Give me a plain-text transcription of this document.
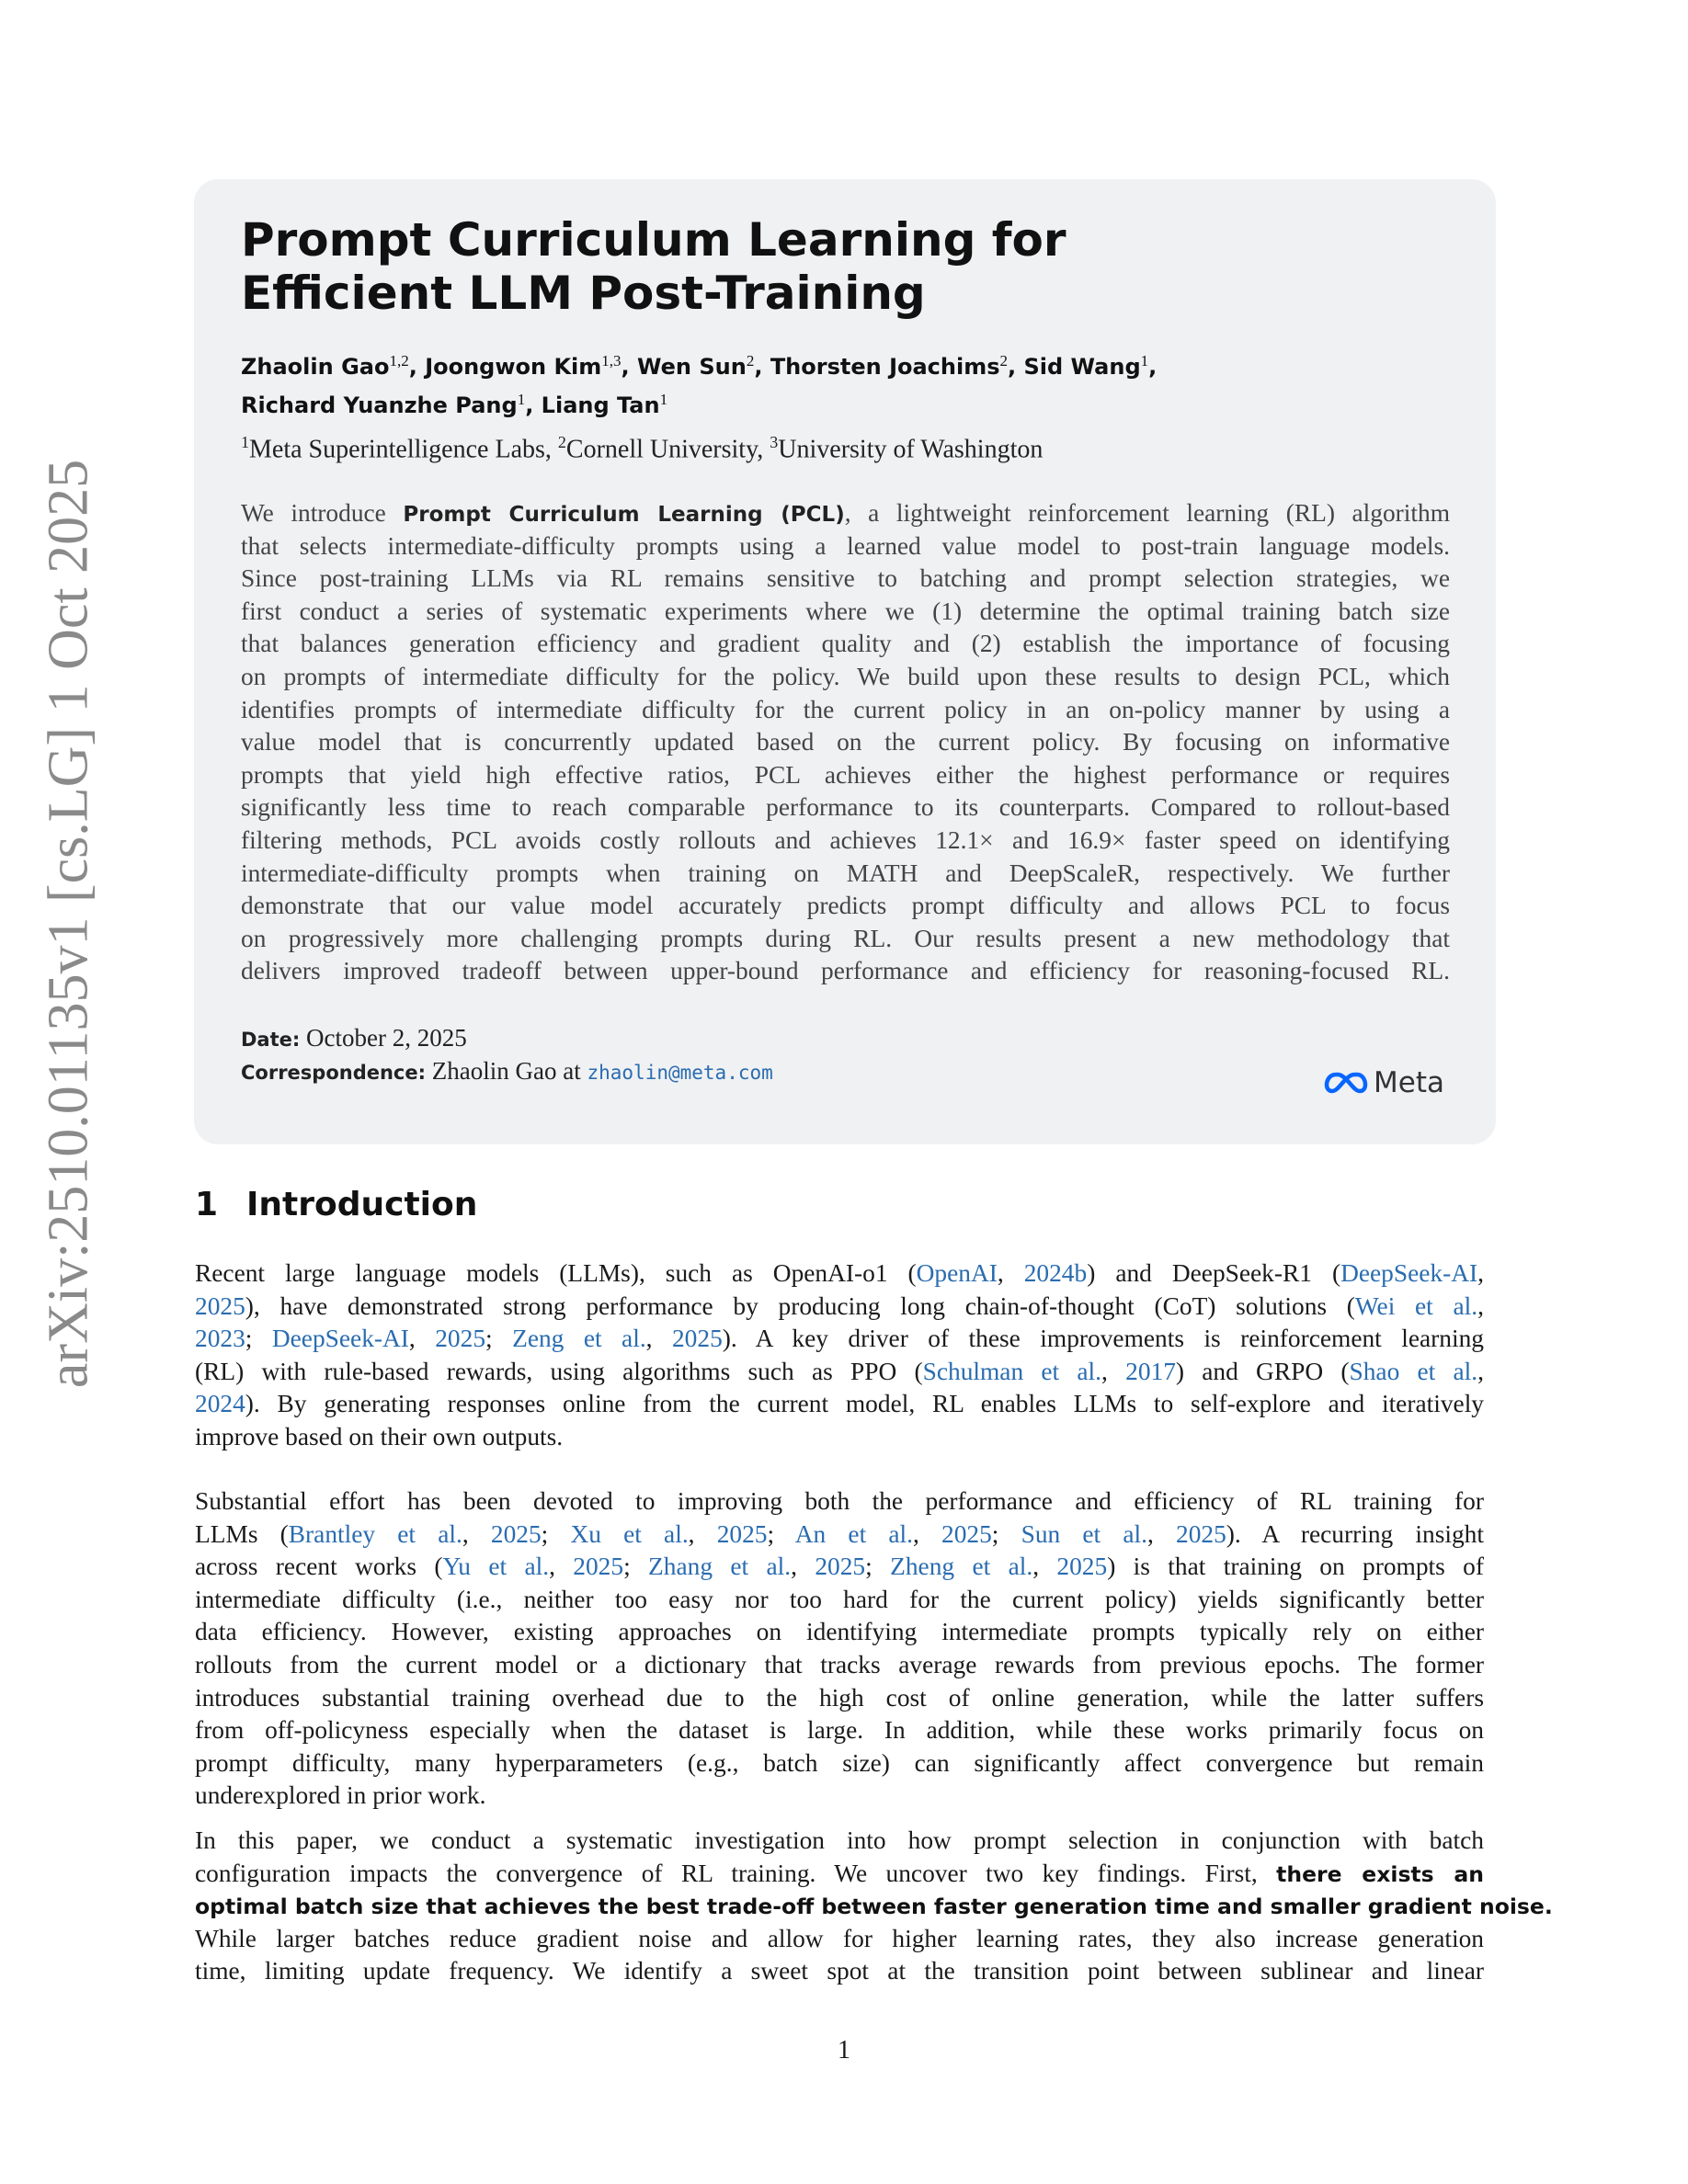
arXiv:2510.01135v1 [cs.LG] 1 Oct 2025
Prompt Curriculum Learning for
Efficient LLM Post-Training
Zhaolin Gao$^{1,2}$, Joongwon Kim$^{1,3}$, Wen Sun$^2$, Thorsten Joachims$^2$, Sid Wang$^1$,
Richard Yuanzhe Pang$^1$, Liang Tan$^1$
$^1$Meta Superintelligence Labs, $^2$Cornell University, $^3$University of Washington
We introduce Prompt Curriculum Learning (PCL), a lightweight reinforcement learning (RL) algorithm
that selects intermediate-difficulty prompts using a learned value model to post-train language models.
Since post-training LLMs via RL remains sensitive to batching and prompt selection strategies, we
first conduct a series of systematic experiments where we (1) determine the optimal training batch size
that balances generation efficiency and gradient quality and (2) establish the importance of focusing
on prompts of intermediate difficulty for the policy. We build upon these results to design PCL, which
identifies prompts of intermediate difficulty for the current policy in an on-policy manner by using a
value model that is concurrently updated based on the current policy. By focusing on informative
prompts that yield high effective ratios, PCL achieves either the highest performance or requires
significantly less time to reach comparable performance to its counterparts. Compared to rollout-based
filtering methods, PCL avoids costly rollouts and achieves 12.1× and 16.9× faster speed on identifying
intermediate-difficulty prompts when training on MATH and DeepScaleR, respectively. We further
demonstrate that our value model accurately predicts prompt difficulty and allows PCL to focus
on progressively more challenging prompts during RL. Our results present a new methodology that
delivers improved tradeoff between upper-bound performance and efficiency for reasoning-focused RL.
Date: October 2, 2025
Correspondence: Zhaolin Gao at zhaolin@meta.com	Meta
1 Introduction
Recent large language models (LLMs), such as OpenAI-o1 (OpenAI, 2024b) and DeepSeek-R1 (DeepSeek-AI,
2025), have demonstrated strong performance by producing long chain-of-thought (CoT) solutions (Wei et al.,
2023; DeepSeek-AI, 2025; Zeng et al., 2025). A key driver of these improvements is reinforcement learning
(RL) with rule-based rewards, using algorithms such as PPO (Schulman et al., 2017) and GRPO (Shao et al.,
2024). By generating responses online from the current model, RL enables LLMs to self-explore and iteratively
improve based on their own outputs.
Substantial effort has been devoted to improving both the performance and efficiency of RL training for
LLMs (Brantley et al., 2025; Xu et al., 2025; An et al., 2025; Sun et al., 2025). A recurring insight
across recent works (Yu et al., 2025; Zhang et al., 2025; Zheng et al., 2025) is that training on prompts of
intermediate difficulty (i.e., neither too easy nor too hard for the current policy) yields significantly better
data efficiency. However, existing approaches on identifying intermediate prompts typically rely on either
rollouts from the current model or a dictionary that tracks average rewards from previous epochs. The former
introduces substantial training overhead due to the high cost of online generation, while the latter suffers
from off-policyness especially when the dataset is large. In addition, while these works primarily focus on
prompt difficulty, many hyperparameters (e.g., batch size) can significantly affect convergence but remain
underexplored in prior work.
In this paper, we conduct a systematic investigation into how prompt selection in conjunction with batch
configuration impacts the convergence of RL training. We uncover two key findings. First, there exists an
optimal batch size that achieves the best trade-off between faster generation time and smaller gradient noise.
While larger batches reduce gradient noise and allow for higher learning rates, they also increase generation
time, limiting update frequency. We identify a sweet spot at the transition point between sublinear and linear
1
